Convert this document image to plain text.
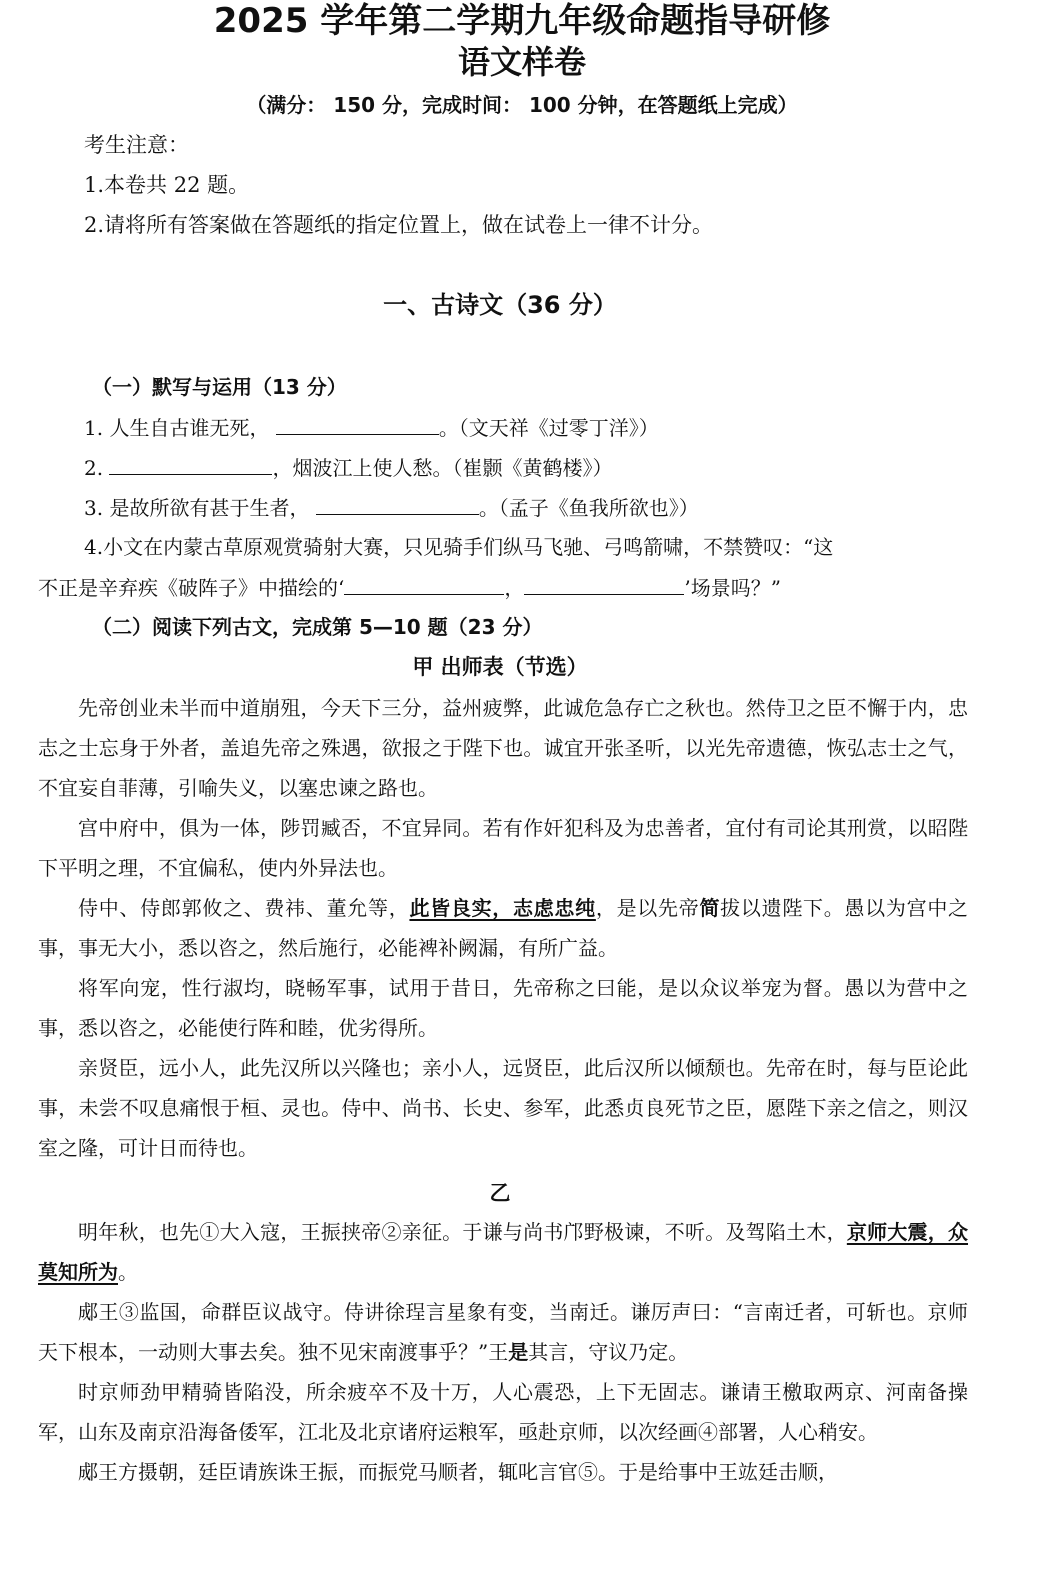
2025 学年第二学期九年级命题指导研修
语文样卷
（满分： 150 分，完成时间： 100 分钟，在答题纸上完成）
考生注意：
1.本卷共 22 题。
2.请将所有答案做在答题纸的指定位置上，做在试卷上一律不计分。
一、古诗文（36 分）
（一）默写与运用（13 分）
1. 人生自古谁无死，	。（文天祥《过零丁洋》）
2.	，烟波江上使人愁。（崔颢《黄鹤楼》）
3. 是故所欲有甚于生者，	。（孟子《鱼我所欲也》）
4.小文在内蒙古草原观赏骑射大赛，只见骑手们纵马飞驰、弓鸣箭啸，不禁赞叹：“这
不正是辛弃疾《破阵子》中描绘的‘	，	’场景吗？”
（二）阅读下列古文，完成第 5—10 题（23 分）
甲 出师表（节选）

先帝创业未半而中道崩殂，今天下三分，益州疲弊，此诚危急存亡之秋也。然侍卫之臣不懈于内，忠志之士忘身于外者，盖追先帝之殊遇，欲报之于陛下也。诚宜开张圣听，以光先帝遗德，恢弘志士之气，不宜妄自菲薄，引喻失义，以塞忠谏之路也。

宫中府中，俱为一体，陟罚臧否，不宜异同。若有作奸犯科及为忠善者，宜付有司论其刑赏，以昭陛下平明之理，不宜偏私，使内外异法也。

侍中、侍郎郭攸之、费祎、董允等，此皆良实，志虑忠纯，是以先帝简拔以遗陛下。愚以为宫中之事，事无大小，悉以咨之，然后施行，必能裨补阙漏，有所广益。

将军向宠，性行淑均，晓畅军事，试用于昔日，先帝称之曰能，是以众议举宠为督。愚以为营中之事，悉以咨之，必能使行阵和睦，优劣得所。

亲贤臣，远小人，此先汉所以兴隆也；亲小人，远贤臣，此后汉所以倾颓也。先帝在时，每与臣论此事，未尝不叹息痛恨于桓、灵也。侍中、尚书、长史、参军，此悉贞良死节之臣，愿陛下亲之信之，则汉室之隆，可计日而待也。

乙

明年秋，也先①大入寇，王振挟帝②亲征。于谦与尚书邝野极谏，不听。及驾陷土木，京师大震，众莫知所为。

郕王③监国，命群臣议战守。侍讲徐珵言星象有变，当南迁。谦厉声曰：“言南迁者，可斩也。京师天下根本，一动则大事去矣。独不见宋南渡事乎？”王是其言，守议乃定。

时京师劲甲精骑皆陷没，所余疲卒不及十万，人心震恐，上下无固志。谦请王檄取两京、河南备操军，山东及南京沿海备倭军，江北及北京诸府运粮军，亟赴京师，以次经画④部署，人心稍安。

郕王方摄朝，廷臣请族诛王振，而振党马顺者，辄叱言官⑤。于是给事中王竑廷击顺，
